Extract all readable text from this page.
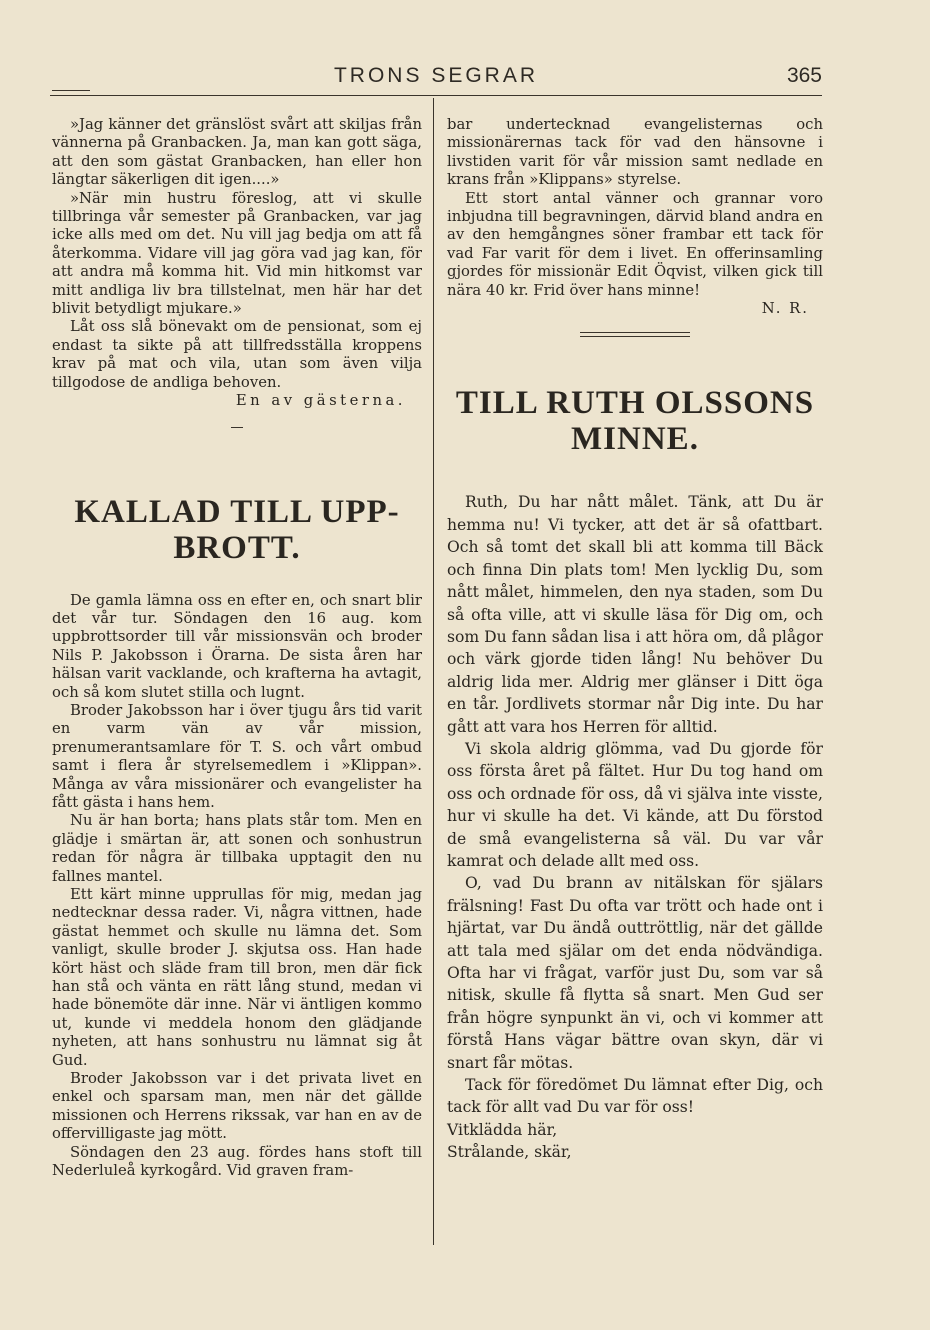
TRONS SEGRAR	365

»Jag känner det gränslöst svårt att skiljas från vännerna på Granbacken. Ja, man kan gott säga, att den som gästat Granbacken, han eller hon längtar säkerligen dit igen....»

»När min hustru föreslog, att vi skulle tillbringa vår semester på Granbacken, var jag icke alls med om det. Nu vill jag bedja om att få återkomma. Vidare vill jag göra vad jag kan, för att andra må komma hit. Vid min hitkomst var mitt andliga liv bra tillstelnat, men här har det blivit betydligt mjukare.»

Låt oss slå bönevakt om de pensionat, som ej endast ta sikte på att tillfredsställa kroppens krav på mat och vila, utan som även vilja tillgodose de andliga behoven.

En av gästerna.

KALLAD TILL UPP-BROTT.

De gamla lämna oss en efter en, och snart blir det vår tur. Söndagen den 16 aug. kom uppbrottsorder till vår missionsvän och broder Nils P. Jakobsson i Örarna. De sista åren har hälsan varit vacklande, och krafterna ha avtagit, och så kom slutet stilla och lugnt.

Broder Jakobsson har i över tjugu års tid varit en varm vän av vår mission, prenumerantsamlare för T. S. och vårt ombud samt i flera år styrelsemedlem i »Klippan». Många av våra missionärer och evangelister ha fått gästa i hans hem.

Nu är han borta; hans plats står tom. Men en glädje i smärtan är, att sonen och sonhustrun redan för några är tillbaka upptagit den nu fallnes mantel.

Ett kärt minne upprullas för mig, medan jag nedtecknar dessa rader. Vi, några vittnen, hade gästat hemmet och skulle nu lämna det. Som vanligt, skulle broder J. skjutsa oss. Han hade kört häst och släde fram till bron, men där fick han stå och vänta en rätt lång stund, medan vi hade bönemöte där inne. När vi äntligen kommo ut, kunde vi meddela honom den glädjande nyheten, att hans sonhustru nu lämnat sig åt Gud.

Broder Jakobsson var i det privata livet en enkel och sparsam man, men när det gällde missionen och Herrens rikssak, var han en av de offervilligaste jag mött.

Söndagen den 23 aug. fördes hans stoft till Nederluleå kyrkogård. Vid graven fram-

bar undertecknad evangelisternas och missionärernas tack för vad den hänsovne i livstiden varit för vår mission samt nedlade en krans från »Klippans» styrelse.

Ett stort antal vänner och grannar voro inbjudna till begravningen, därvid bland andra en av den hemgångnes söner frambar ett tack för vad Far varit för dem i livet. En offerinsamling gjordes för missionär Edit Öqvist, vilken gick till nära 40 kr. Frid över hans minne!

N. R.

TILL RUTH OLSSONS MINNE.

Ruth, Du har nått målet. Tänk, att Du är hemma nu! Vi tycker, att det är så ofattbart. Och så tomt det skall bli att komma till Bäck och finna Din plats tom! Men lycklig Du, som nått målet, himmelen, den nya staden, som Du så ofta ville, att vi skulle läsa för Dig om, och som Du fann sådan lisa i att höra om, då plågor och värk gjorde tiden lång! Nu behöver Du aldrig lida mer. Aldrig mer glänser i Ditt öga en tår. Jordlivets stormar når Dig inte. Du har gått att vara hos Herren för alltid.

Vi skola aldrig glömma, vad Du gjorde för oss första året på fältet. Hur Du tog hand om oss och ordnade för oss, då vi själva inte visste, hur vi skulle ha det. Vi kände, att Du förstod de små evangelisterna så väl. Du var vår kamrat och delade allt med oss.

O, vad Du brann av nitälskan för själars frälsning! Fast Du ofta var trött och hade ont i hjärtat, var Du ändå outtröttlig, när det gällde att tala med själar om det enda nödvändiga. Ofta har vi frågat, varför just Du, som var så nitisk, skulle få flytta så snart. Men Gud ser från högre synpunkt än vi, och vi kommer att förstå Hans vägar bättre ovan skyn, där vi snart får mötas.

Tack för föredömet Du lämnat efter Dig, och tack för allt vad Du var för oss!

Vitklädda här,

Strålande, skär,
